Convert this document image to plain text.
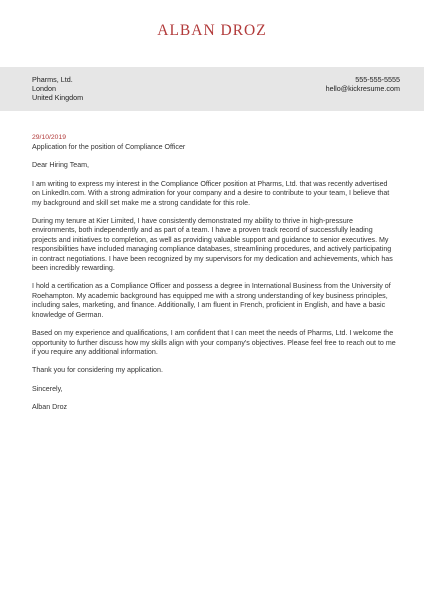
ALBAN DROZ
Pharms, Ltd.
London
United Kingdom
555-555-5555
hello@kickresume.com
29/10/2019
Application for the position of Compliance Officer
Dear Hiring Team,
I am writing to express my interest in the Compliance Officer position at Pharms, Ltd. that was recently advertised on LinkedIn.com. With a strong admiration for your company and a desire to contribute to your team, I believe that my background and skill set make me a strong candidate for this role.
During my tenure at Kier Limited, I have consistently demonstrated my ability to thrive in high-pressure environments, both independently and as part of a team. I have a proven track record of successfully leading projects and initiatives to completion, as well as providing valuable support and guidance to senior executives. My responsibilities have included managing compliance databases, streamlining procedures, and actively participating in contract negotiations. I have been recognized by my supervisors for my dedication and achievements, which has been incredibly rewarding.
I hold a certification as a Compliance Officer and possess a degree in International Business from the University of Roehampton. My academic background has equipped me with a strong understanding of key business principles, including sales, marketing, and finance. Additionally, I am fluent in French, proficient in English, and have a basic knowledge of German.
Based on my experience and qualifications, I am confident that I can meet the needs of Pharms, Ltd. I welcome the opportunity to further discuss how my skills align with your company's objectives. Please feel free to reach out to me if you require any additional information.
Thank you for considering my application.
Sincerely,
Alban Droz
